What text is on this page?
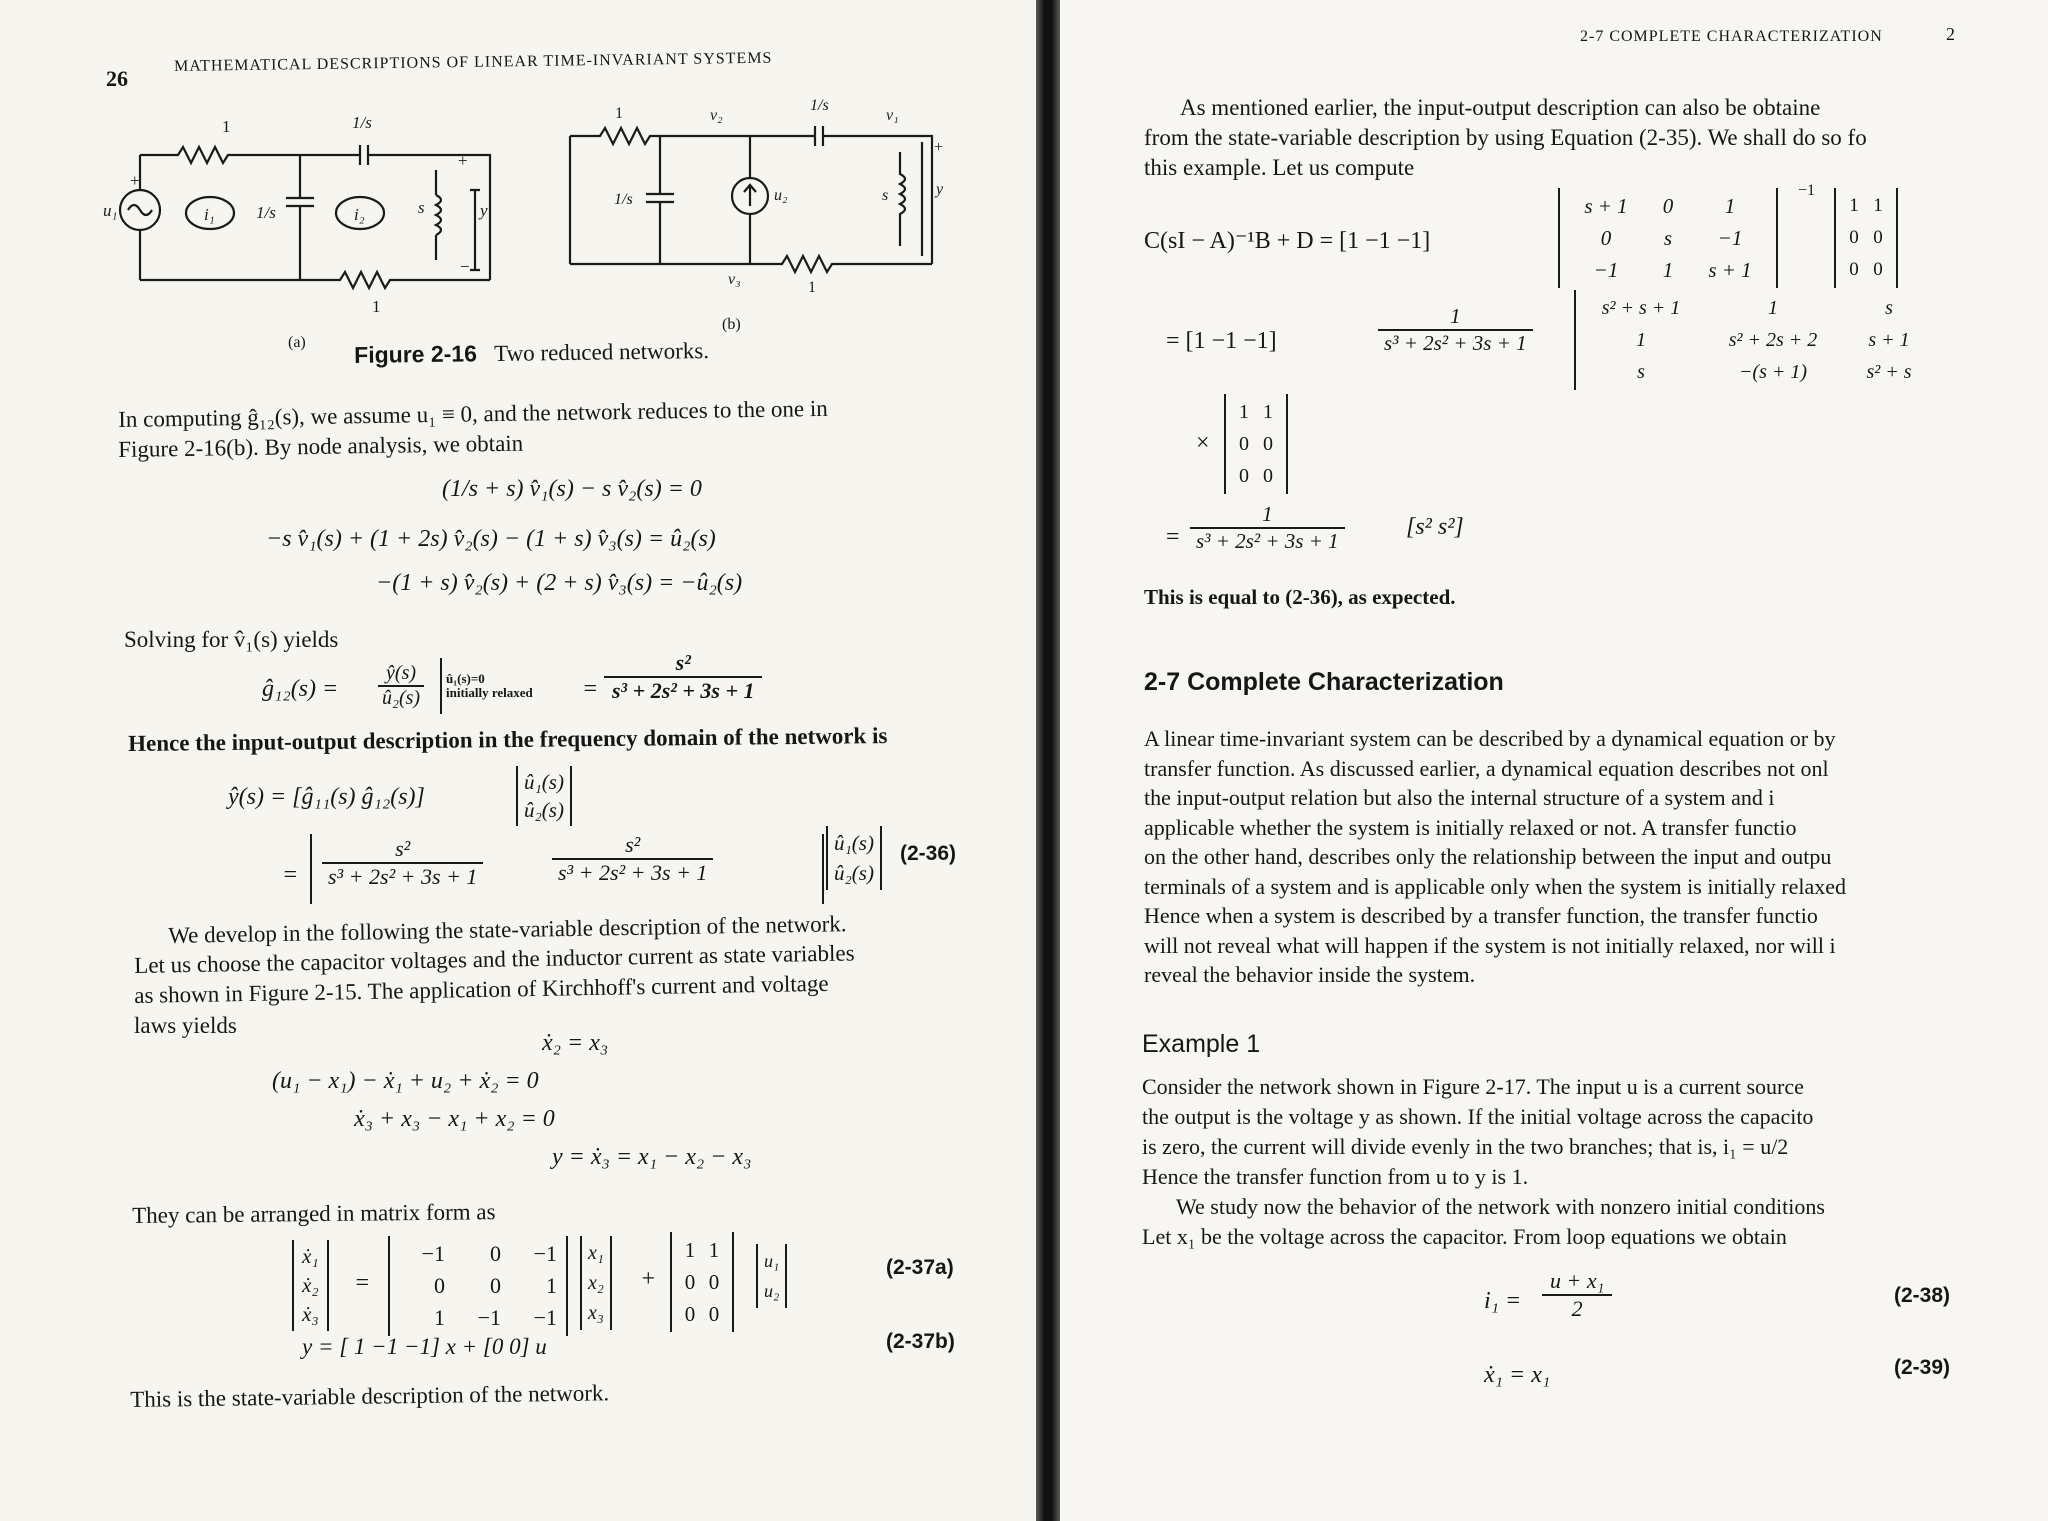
26
MATHEMATICAL DESCRIPTIONS OF LINEAR TIME-INVARIANT SYSTEMS
1	1/s
u₁	i₁ 1/s	i₂	s	y
+
−
1
+
(a)
1	v₂
1/s
v₁
1/s	u₂	s	y
v₃	1
+
(b)
Figure 2-16 Two reduced networks.
In computing ĝ₁₂(s), we assume u₁ ≡ 0, and the network reduces to the one in
Figure 2-16(b). By node analysis, we obtain
(1/s + s) v̂₁(s) − s v̂₂(s) = 0
−s v̂₁(s) + (1 + 2s) v̂₂(s) − (1 + s) v̂₃(s) = û₂(s)
−(1 + s) v̂₂(s) + (2 + s) v̂₃(s) = −û₂(s)
Solving for v̂₁(s) yields
ĝ₁₂(s) = $\frac{ŷ(s)}{\text{û₂(s)}}$ û₁(s)=0
initially relaxed = $\frac{\text{s²}}{\text{s³ + 2s² + 3s + 1}}$
Hence the input-output description in the frequency domain of the network is
ŷ(s) = [ĝ₁₁(s) ĝ₁₂(s)]
û₁(s)
û₂(s)
= $\frac{\text{s²}}{\text{s³ + 2s² + 3s + 1}}$	$\frac{\text{s²}}{\text{s³ + 2s² + 3s + 1}}$	û₁(s)
û₂(s)
(2-36)
We develop in the following the state-variable description of the network.
Let us choose the capacitor voltages and the inductor current as state variables
as shown in Figure 2-15. The application of Kirchhoff's current and voltage
laws yields
ẋ₂ = x₃
(u₁ − x₁) − ẋ₁ + u₂ + ẋ₂ = 0
ẋ₃ + x₃ − x₁ + x₂ = 0
y = ẋ₃ = x₁ − x₂ − x₃
They can be arranged in matrix form as
ẋ₁
ẋ₂
ẋ₃
=
−1	0	−1
0	0	1
1	−1	−1
x₁
x₂
x₃
+
1	1
0	0
0	0
u₁
u₂
(2-37a)
y = [ 1 −1 −1] x + [0 0] u	(2-37b)
This is the state-variable description of the network.
2-7 COMPLETE CHARACTERIZATION	2
As mentioned earlier, the input-output description can also be obtaine
from the state-variable description by using Equation (2-35). We shall do so fo
this example. Let us compute
C(sI − A)⁻¹B + D = [1 −1 −1]
s + 1	0	1
0	s	−1
−1	1	s + 1
−1
1	1
0	0
0	0
= [1 −1 −1]	$\frac{1}{\text{s³ + 2s² + 3s + 1}}$	s² + s + 1	1	s
1	s² + 2s + 2	s + 1
s	−(s + 1)	s² + s
×
1	1
0	0
0	0
= $\frac{1}{\text{s³ + 2s² + 3s + 1}}$	[s² s²]
This is equal to (2-36), as expected.
2-7 Complete Characterization
A linear time-invariant system can be described by a dynamical equation or by
transfer function. As discussed earlier, a dynamical equation describes not onl
the input-output relation but also the internal structure of a system and i
applicable whether the system is initially relaxed or not. A transfer functio
on the other hand, describes only the relationship between the input and outpu
terminals of a system and is applicable only when the system is initially relaxed
Hence when a system is described by a transfer function, the transfer functio
will not reveal what will happen if the system is not initially relaxed, nor will i
reveal the behavior inside the system.
Example 1
Consider the network shown in Figure 2-17. The input u is a current source
the output is the voltage y as shown. If the initial voltage across the capacito
is zero, the current will divide evenly in the two branches; that is, i₁ = u/2
Hence the transfer function from u to y is 1.
We study now the behavior of the network with nonzero initial conditions
Let x₁ be the voltage across the capacitor. From loop equations we obtain
$i_1 = \frac{\text{u + x₁}}{2}$	(2-38)
ẋ₁ = x₁	(2-39)
